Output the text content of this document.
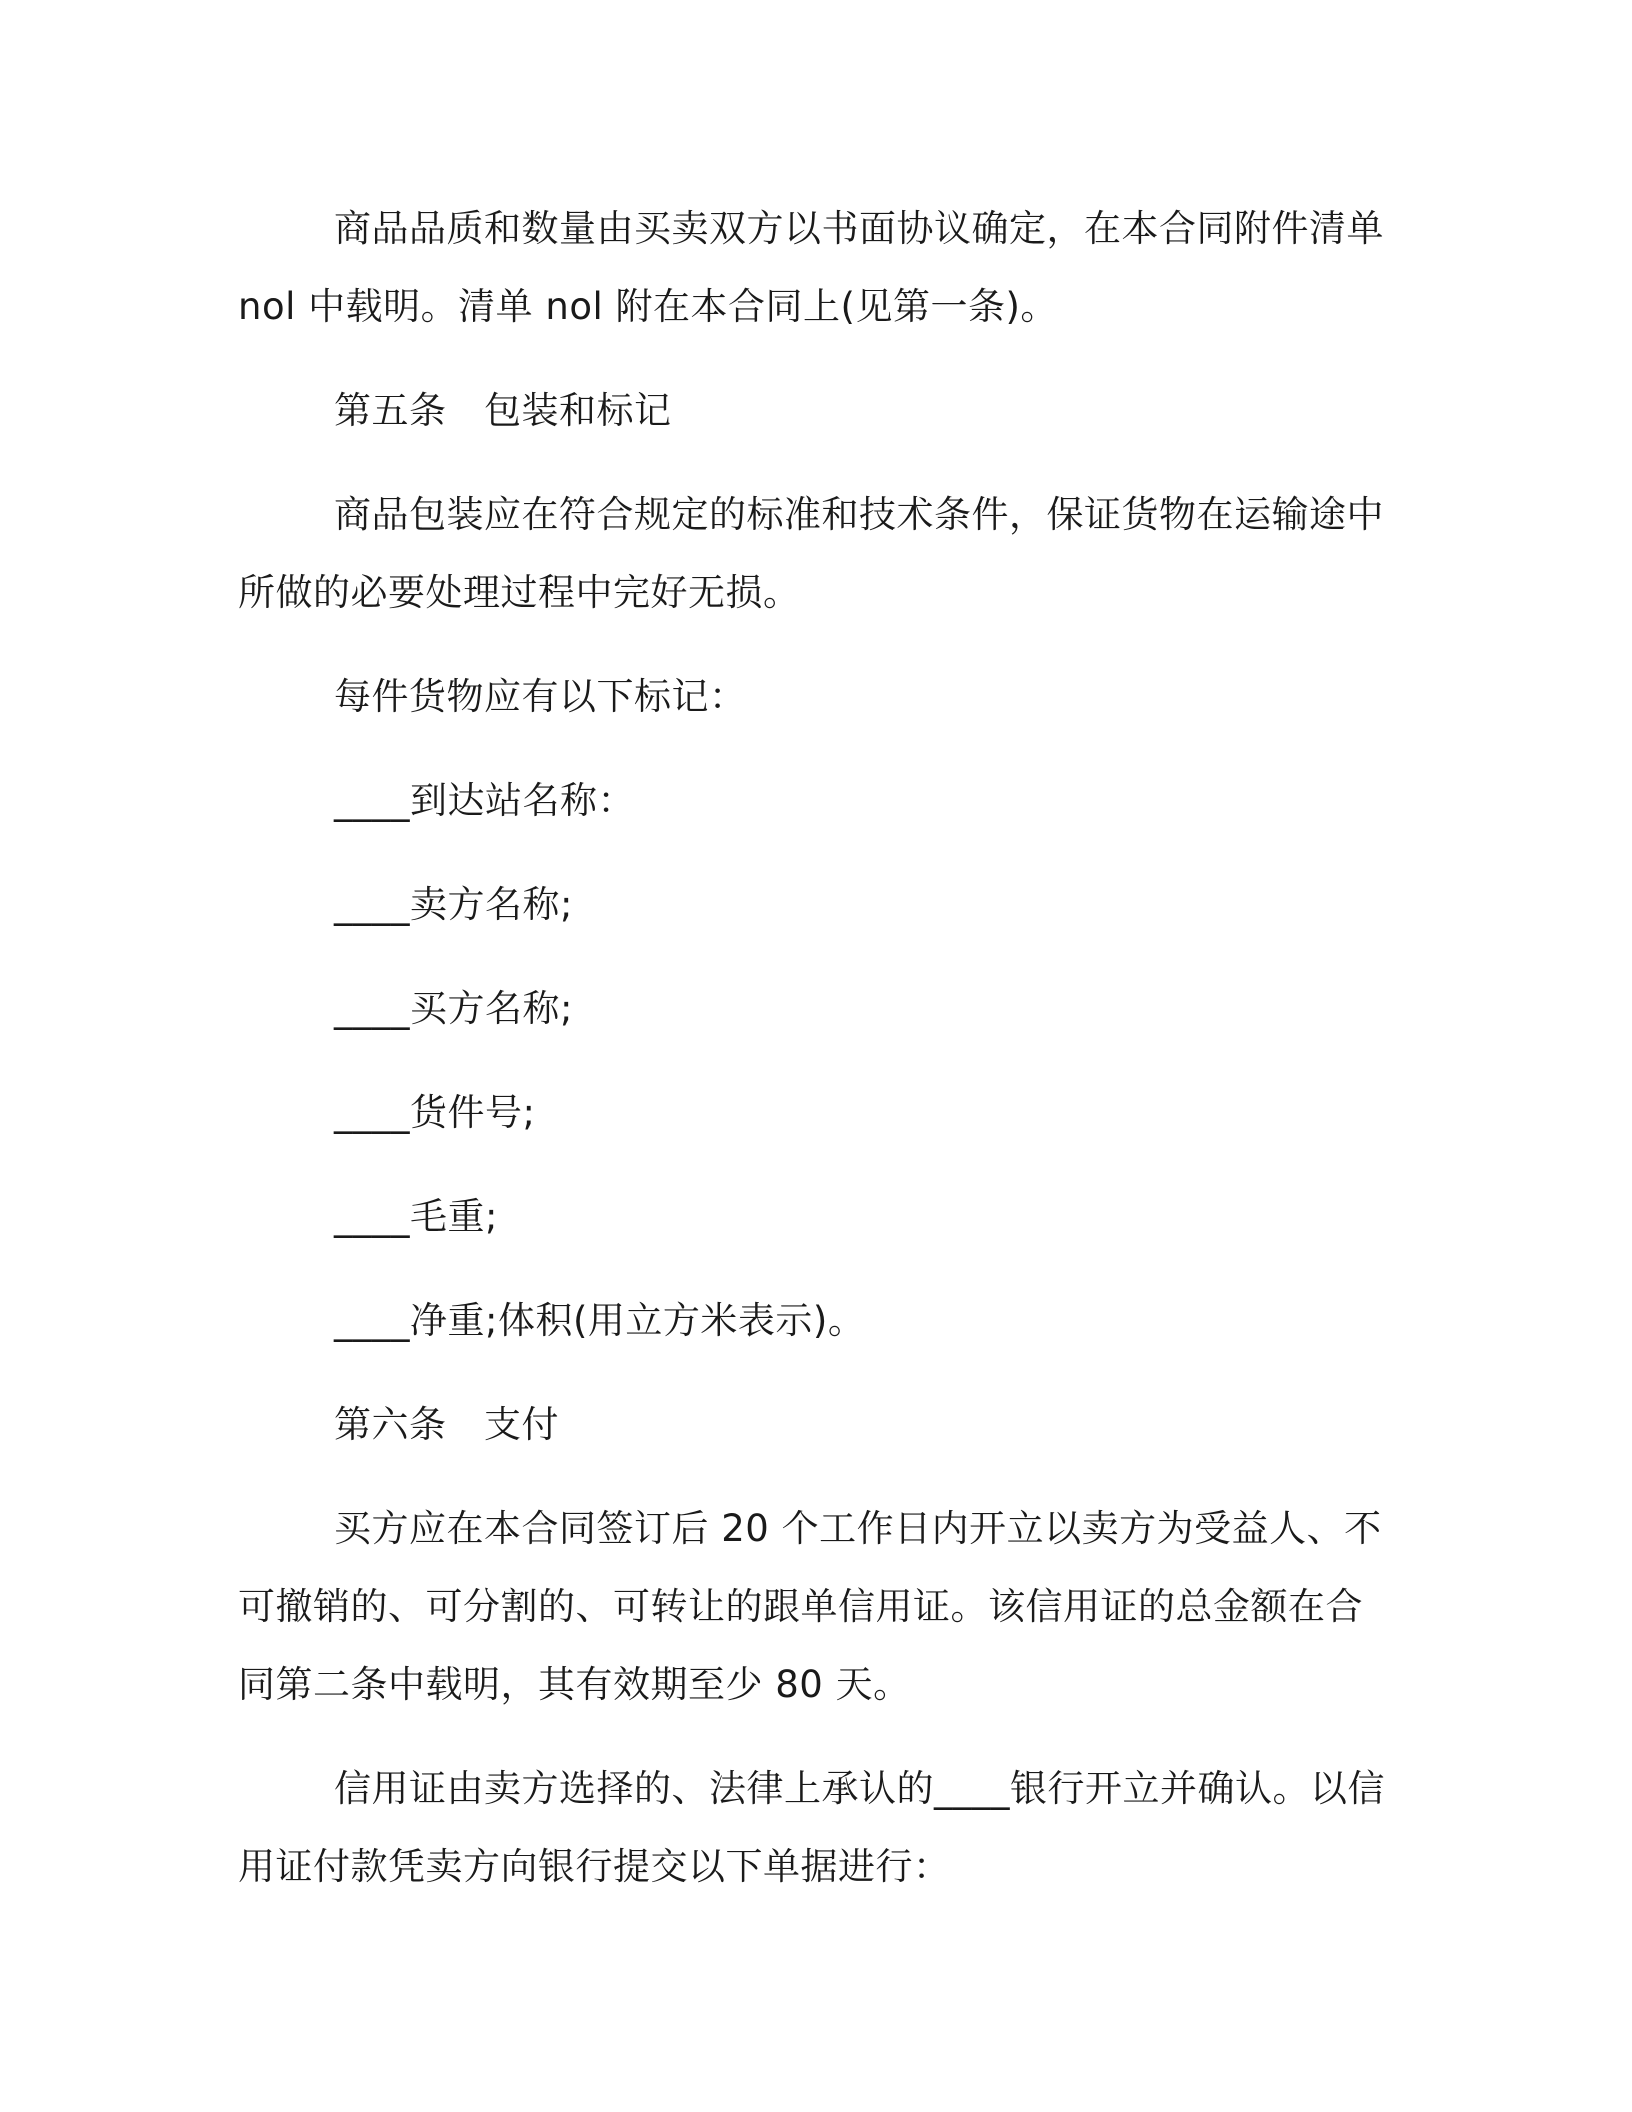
商品品质和数量由买卖双方以书面协议确定，在本合同附件清单 nol 中载明。清单 nol 附在本合同上(见第一条)。

第五条　包装和标记

商品包装应在符合规定的标准和技术条件，保证货物在运输途中所做的必要处理过程中完好无损。

每件货物应有以下标记：

____到达站名称：

____卖方名称;

____买方名称;

____货件号;

____毛重;

____净重;体积(用立方米表示)。

第六条　支付

买方应在本合同签订后 20 个工作日内开立以卖方为受益人、不可撤销的、可分割的、可转让的跟单信用证。该信用证的总金额在合同第二条中载明，其有效期至少 80 天。

信用证由卖方选择的、法律上承认的____银行开立并确认。以信用证付款凭卖方向银行提交以下单据进行：
